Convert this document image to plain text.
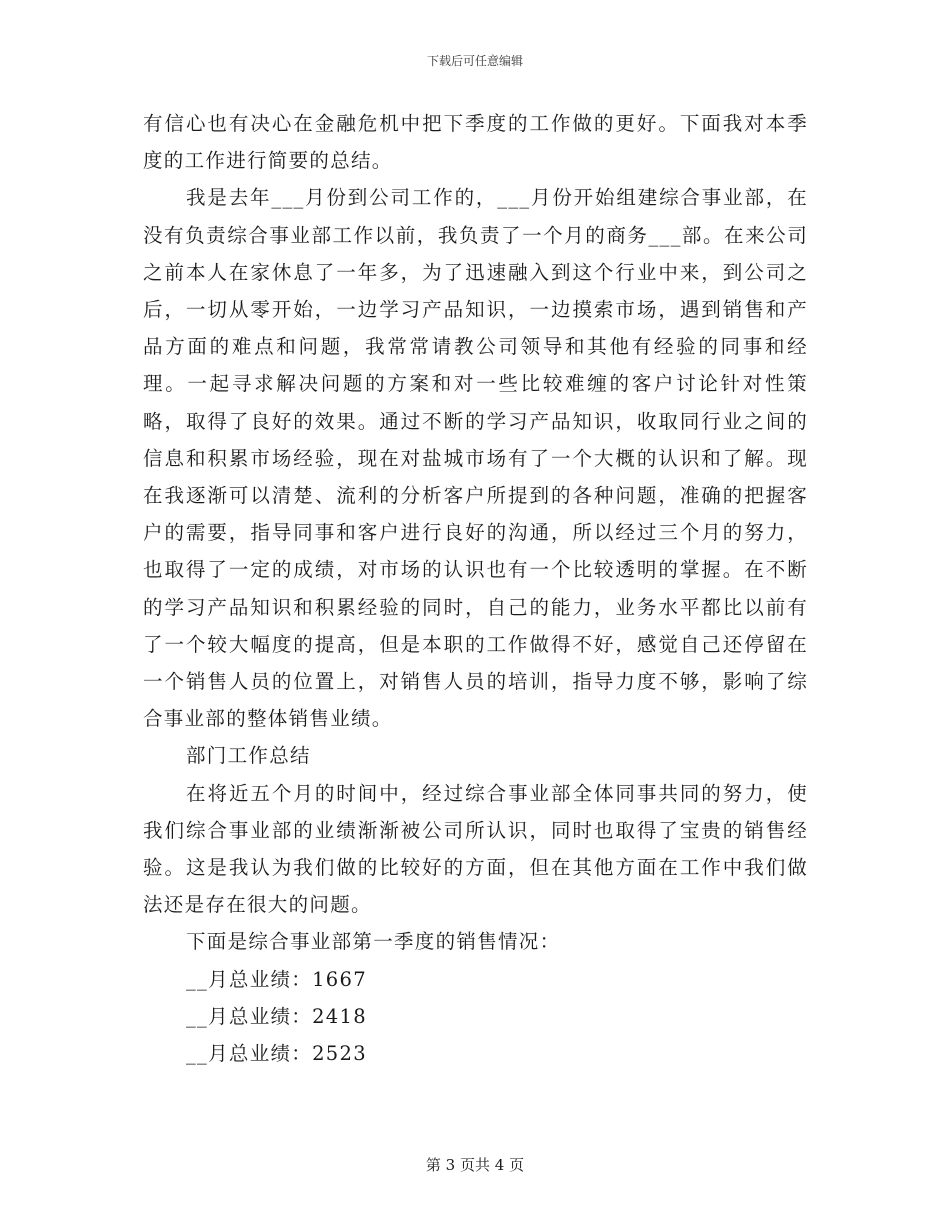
下载后可任意编辑

有信心也有决心在金融危机中把下季度的工作做的更好。下面我对本季度的工作进行简要的总结。

我是去年___月份到公司工作的，___月份开始组建综合事业部，在没有负责综合事业部工作以前，我负责了一个月的商务___部。在来公司之前本人在家休息了一年多，为了迅速融入到这个行业中来，到公司之后，一切从零开始，一边学习产品知识，一边摸索市场，遇到销售和产品方面的难点和问题，我常常请教公司领导和其他有经验的同事和经理。一起寻求解决问题的方案和对一些比较难缠的客户讨论针对性策略，取得了良好的效果。通过不断的学习产品知识，收取同行业之间的信息和积累市场经验，现在对盐城市场有了一个大概的认识和了解。现在我逐渐可以清楚、流利的分析客户所提到的各种问题，准确的把握客户的需要，指导同事和客户进行良好的沟通，所以经过三个月的努力，也取得了一定的成绩，对市场的认识也有一个比较透明的掌握。在不断的学习产品知识和积累经验的同时，自己的能力，业务水平都比以前有了一个较大幅度的提高，但是本职的工作做得不好，感觉自己还停留在一个销售人员的位置上，对销售人员的培训，指导力度不够，影响了综合事业部的整体销售业绩。

部门工作总结

在将近五个月的时间中，经过综合事业部全体同事共同的努力，使我们综合事业部的业绩渐渐被公司所认识，同时也取得了宝贵的销售经验。这是我认为我们做的比较好的方面，但在其他方面在工作中我们做法还是存在很大的问题。

下面是综合事业部第一季度的销售情况：

__月总业绩：1667

__月总业绩：2418

__月总业绩：2523

第 3 页共 4 页
